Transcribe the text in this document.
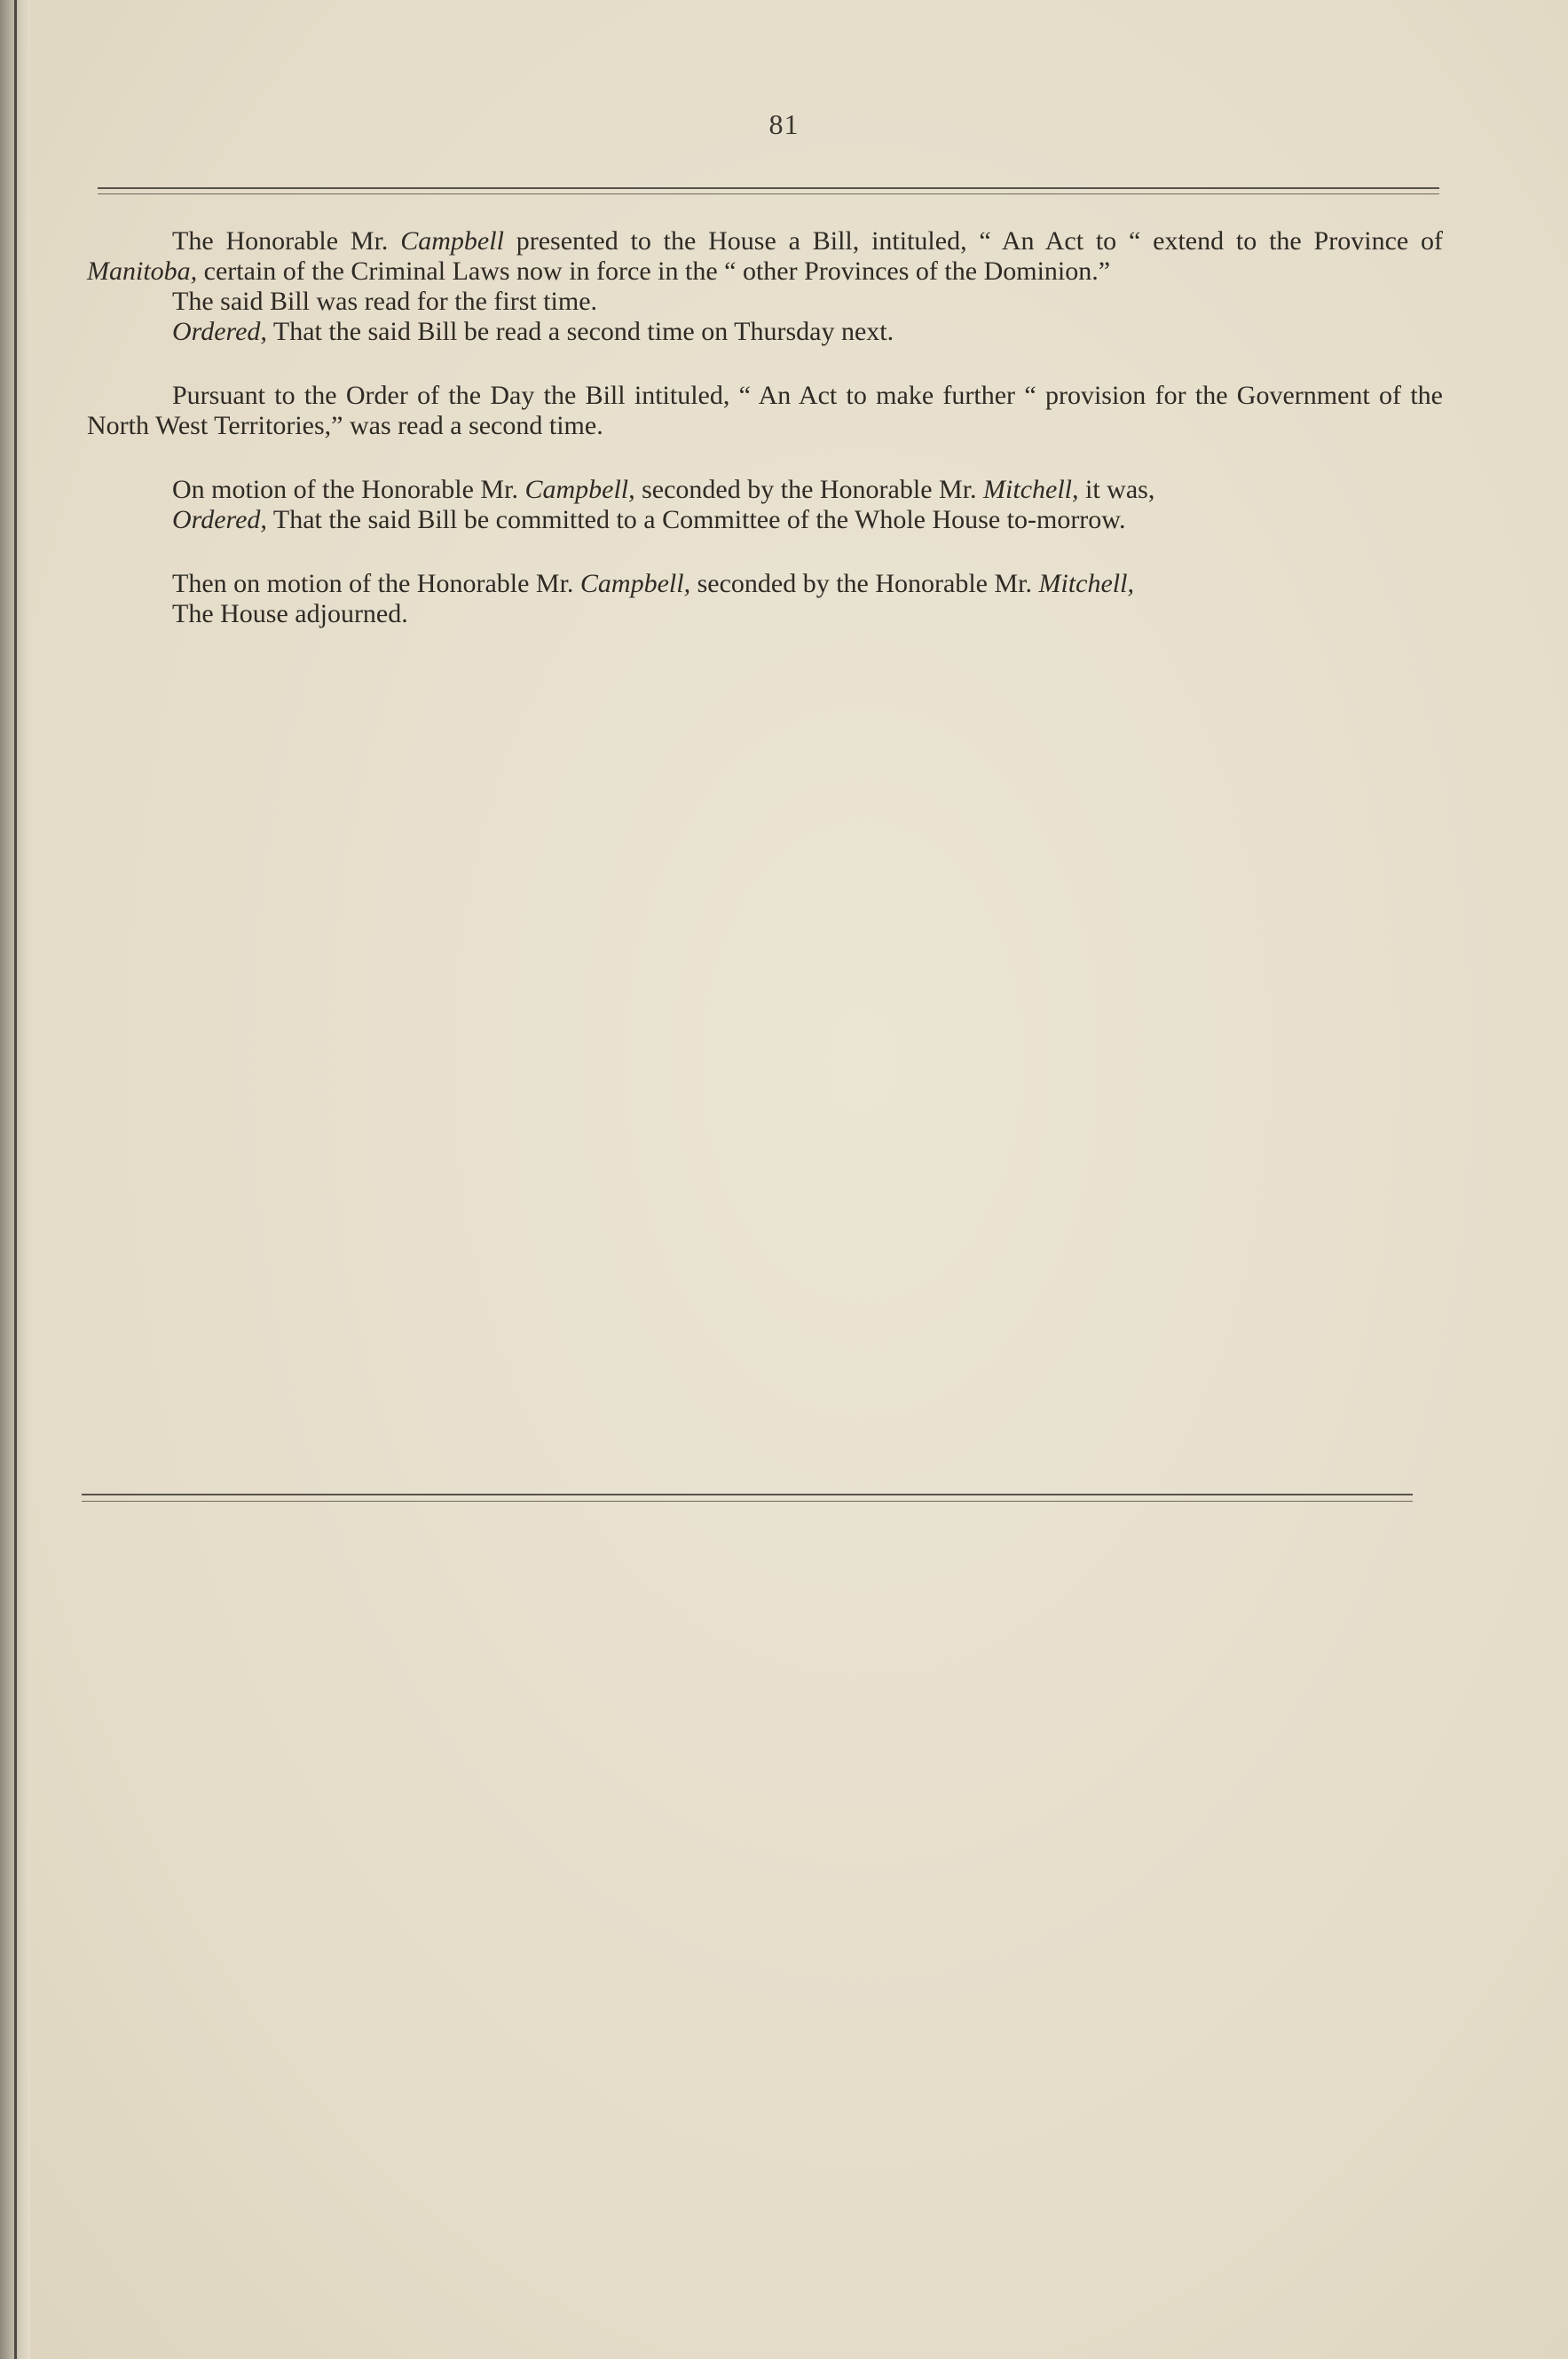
81

The Honorable Mr. Campbell presented to the House a Bill, intituled, “ An Act to “ extend to the Province of Manitoba, certain of the Criminal Laws now in force in the “ other Provinces of the Dominion.”

The said Bill was read for the first time.

Ordered, That the said Bill be read a second time on Thursday next.

Pursuant to the Order of the Day the Bill intituled, “ An Act to make further “ provision for the Government of the North West Territories,” was read a second time.

On motion of the Honorable Mr. Campbell, seconded by the Honorable Mr. Mitchell, it was,

Ordered, That the said Bill be committed to a Committee of the Whole House to-morrow.

Then on motion of the Honorable Mr. Campbell, seconded by the Honorable Mr. Mitchell,

The House adjourned.
